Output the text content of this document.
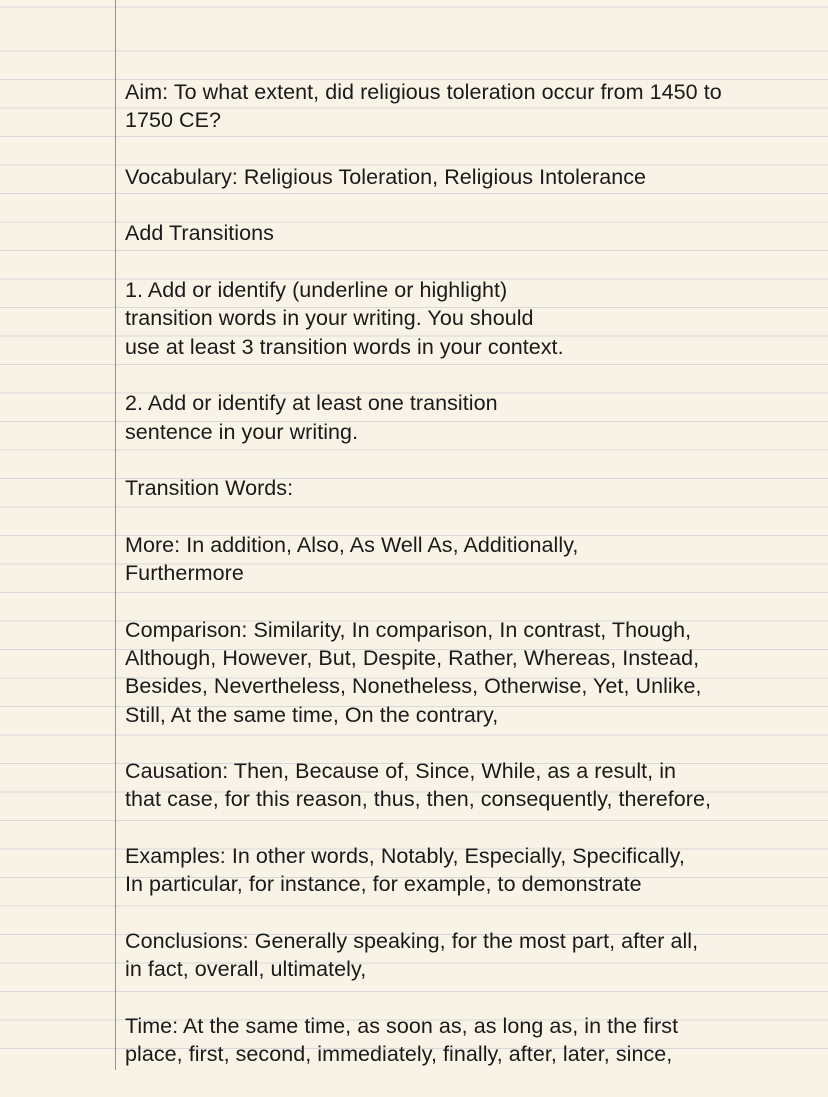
Aim: To what extent, did religious toleration occur from 1450 to
1750 CE?
Vocabulary: Religious Toleration, Religious Intolerance
Add Transitions
1. Add or identify (underline or highlight)
transition words in your writing. You should
use at least 3 transition words in your context.
2. Add or identify at least one transition
sentence in your writing.
Transition Words:
More: In addition, Also, As Well As, Additionally,
Furthermore
Comparison: Similarity, In comparison, In contrast, Though,
Although, However, But, Despite, Rather, Whereas, Instead,
Besides, Nevertheless, Nonetheless, Otherwise, Yet, Unlike,
Still, At the same time, On the contrary,
Causation: Then, Because of, Since, While, as a result, in
that case, for this reason, thus, then, consequently, therefore,
Examples: In other words, Notably, Especially, Specifically,
In particular, for instance, for example, to demonstrate
Conclusions: Generally speaking, for the most part, after all,
in fact, overall, ultimately,
Time: At the same time, as soon as, as long as, in the first
place, first, second, immediately, finally, after, later, since,
